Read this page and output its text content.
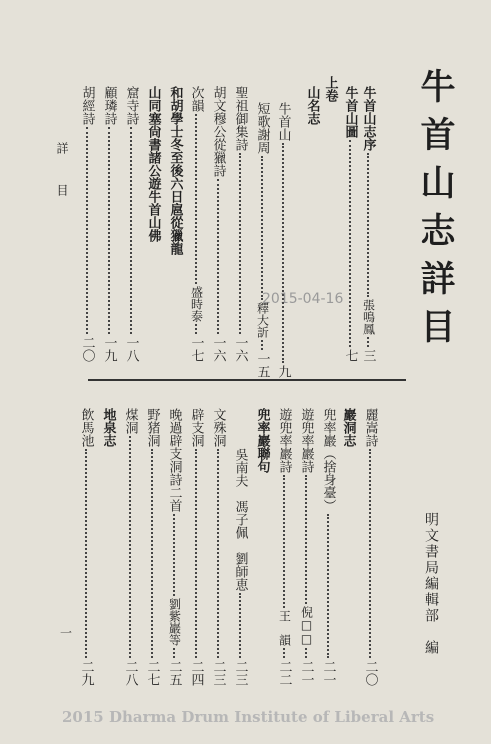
牛首山志詳目
明文書局編輯部　編
詳目
一
2015-04-16
2015 Dharma Drum Institute of Liberal Arts
牛首山志序
張鳴鳳
三
牛首山圖
七
上卷
山名志
牛首山
九
短歌謝周
釋大訢
一五
聖祖御集詩
一六
胡文穆公從獵詩
一六
次韻
盛時泰
一七
和胡學士冬至後六日扈從獵龍
山同塞尙書諸公遊牛首山佛
窟寺詩
一八
顧璘詩
一九
胡經詩
二〇
麗嵩詩
二〇
巖洞志
兜率巖（捨身臺）
二一
遊兜率巖詩
倪□□
二一
遊兜率巖詩
王　韻
二二
兜率巖聯句
吳南夫　馮子佩　劉師恵
二三
文殊洞
二三
辟支洞
二四
晚過辟支洞詩二首
劉紫巖等
二五
野猪洞
二七
煤洞
二八
地泉志
飲馬池
二九
